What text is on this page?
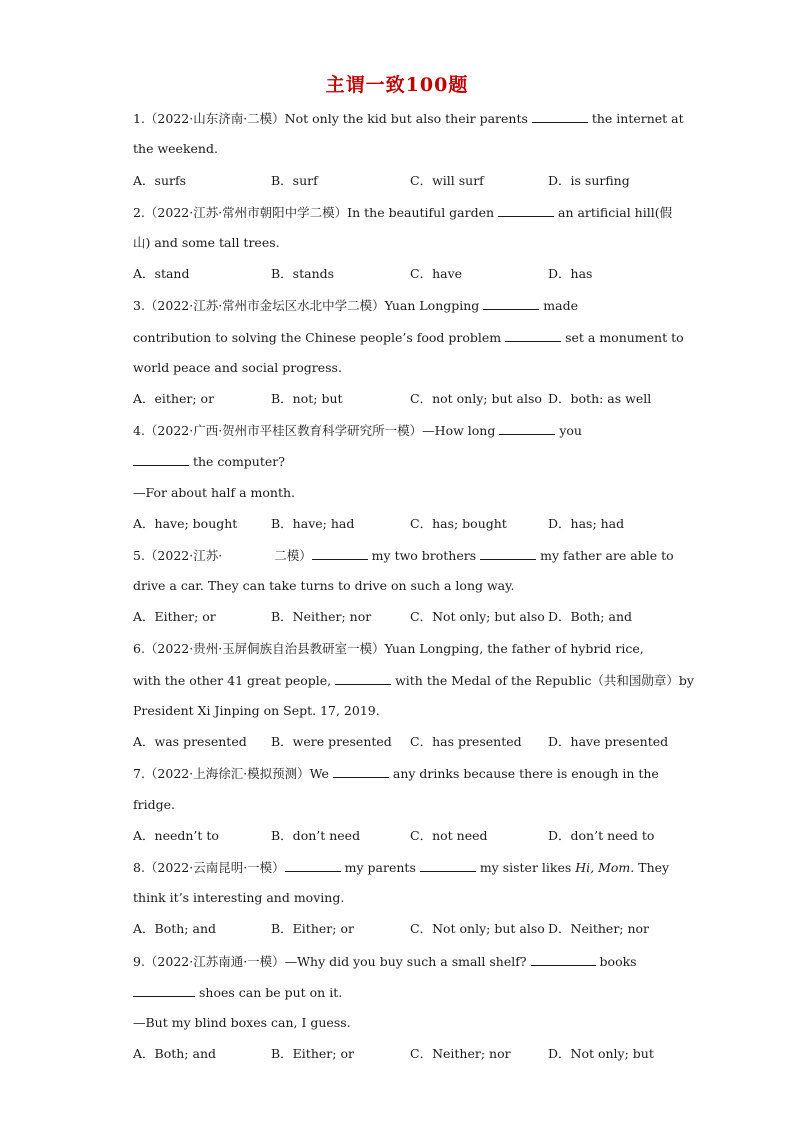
主谓一致100题
1.（2022·山东济南·二模）Not only the kid but also their parents	the internet at
the weekend.
A．surfs	B．surf	C．will surf	D．is surfing
2.（2022·江苏·常州市朝阳中学二模）In the beautiful garden	an artificial hill(假
山) and some tall trees.
A．stand	B．stands	C．have	D．has
3.（2022·江苏·常州市金坛区水北中学二模）Yuan Longping	made
contribution to solving the Chinese people’s food problem	set a monument to
world peace and social progress.
A．either; or	B．not; but	C．not only; but also D．both: as well
4.（2022·广西·贺州市平桂区教育科学研究所一模）—How long	you
the computer?
—For about half a month.
A．have; bought	B．have; had	C．has; bought	D．has; had
5.（2022·江苏·	二模）	my two brothers	my father are able to
drive a car. They can take turns to drive on such a long way.
A．Either; or	B．Neither; nor	C．Not only; but also D．Both; and
6.（2022·贵州·玉屏侗族自治县教研室一模）Yuan Longping, the father of hybrid rice,
with the other 41 great people,	with the Medal of the Republic（共和国勋章）by
President Xi Jinping on Sept. 17, 2019.
A．was presented B．were presented C．has presented D．have presented
7.（2022·上海徐汇·模拟预测）We	any drinks because there is enough in the
fridge.
A．needn’t to	B．don’t need	C．not need	D．don’t need to
8.（2022·云南昆明·一模）	my parents	my sister likes Hi, Mom. They
think it’s interesting and moving.
A．Both; and	B．Either; or	C．Not only; but also D．Neither; nor
9.（2022·江苏南通·一模）—Why did you buy such a small shelf?	books
shoes can be put on it.
—But my blind boxes can, I guess.
A．Both; and	B．Either; or	C．Neither; nor	D．Not only; but
